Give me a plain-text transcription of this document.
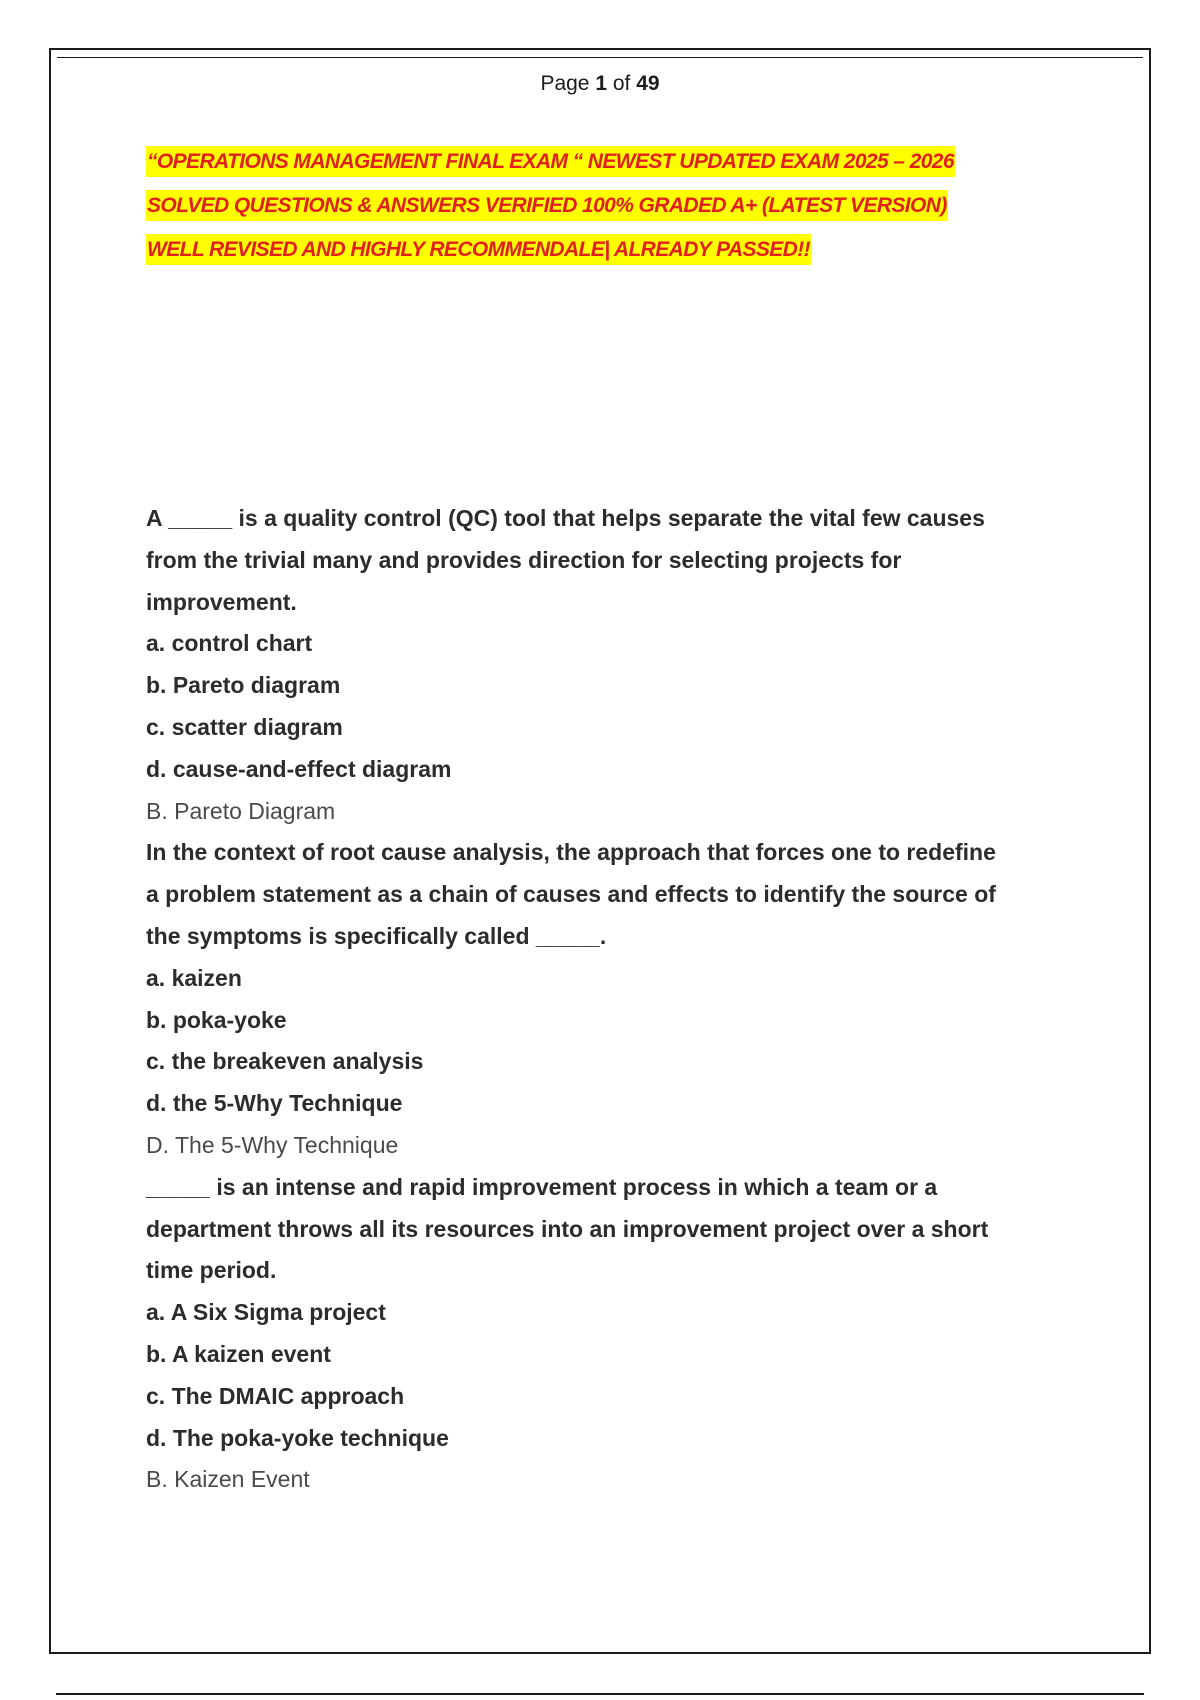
Page 1 of 49
“OPERATIONS MANAGEMENT FINAL EXAM “ NEWEST UPDATED EXAM 2025 – 2026
SOLVED QUESTIONS & ANSWERS VERIFIED 100% GRADED A+ (LATEST VERSION)
WELL REVISED AND HIGHLY RECOMMENDALE| ALREADY PASSED!!
A _____ is a quality control (QC) tool that helps separate the vital few causes
from the trivial many and provides direction for selecting projects for
improvement.
a. control chart
b. Pareto diagram
c. scatter diagram
d. cause-and-effect diagram
B. Pareto Diagram
In the context of root cause analysis, the approach that forces one to redefine
a problem statement as a chain of causes and effects to identify the source of
the symptoms is specifically called _____.
a. kaizen
b. poka-yoke
c. the breakeven analysis
d. the 5-Why Technique
D. The 5-Why Technique
_____ is an intense and rapid improvement process in which a team or a
department throws all its resources into an improvement project over a short
time period.
a. A Six Sigma project
b. A kaizen event
c. The DMAIC approach
d. The poka-yoke technique
B. Kaizen Event
